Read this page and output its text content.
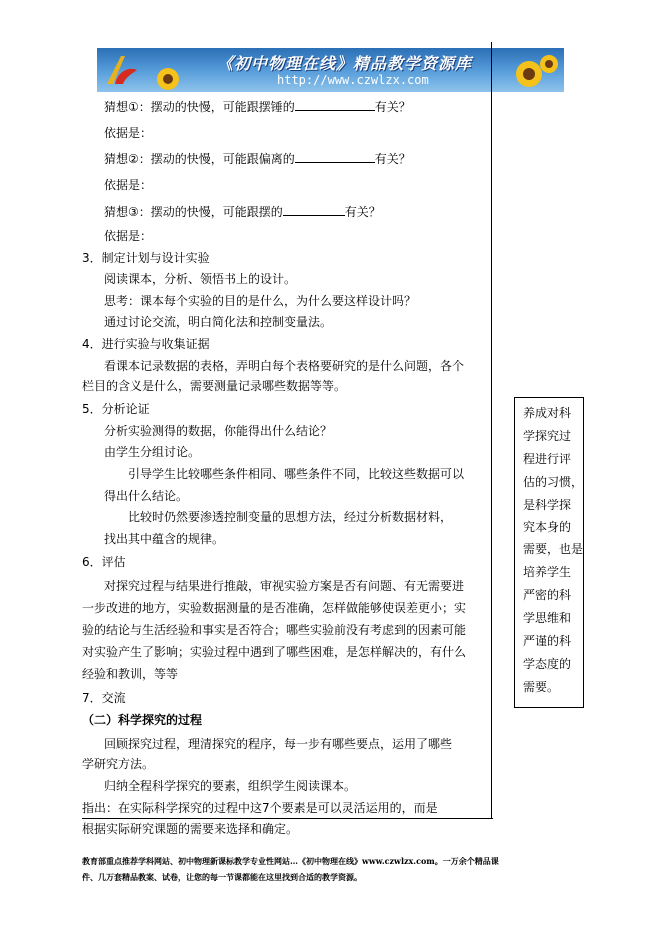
《初中物理在线》精品教学资源库
http://www.czwlzx.com
猜想①：摆动的快慢，可能跟摆锤的	有关？
依据是：
猜想②：摆动的快慢，可能跟偏离的	有关？
依据是：
猜想③：摆动的快慢，可能跟摆的	有关？
依据是：
3．制定计划与设计实验
阅读课本，分析、领悟书上的设计。
思考：课本每个实验的目的是什么，为什么要这样设计吗？
通过讨论交流，明白简化法和控制变量法。
4．进行实验与收集证据
看课本记录数据的表格，弄明白每个表格要研究的是什么问题，各个
栏目的含义是什么，需要测量记录哪些数据等等。
5．分析论证
分析实验测得的数据，你能得出什么结论？
由学生分组讨论。
引导学生比较哪些条件相同、哪些条件不同，比较这些数据可以
得出什么结论。
比较时仍然要渗透控制变量的思想方法，经过分析数据材料，
找出其中蕴含的规律。
6．评估
对探究过程与结果进行推敲，审视实验方案是否有问题、有无需要进
一步改进的地方，实验数据测量的是否准确，怎样做能够使误差更小；实
验的结论与生活经验和事实是否符合；哪些实验前没有考虑到的因素可能
对实验产生了影响；实验过程中遇到了哪些困难，是怎样解决的，有什么
经验和教训，等等
7．交流
（二）科学探究的过程
回顾探究过程，理清探究的程序，每一步有哪些要点，运用了哪些
学研究方法。
归纳全程科学探究的要素，组织学生阅读课本。
指出：在实际科学探究的过程中这7个要素是可以灵活运用的，而是
根据实际研究课题的需要来选择和确定。
养成对科
学探究过
程进行评
估的习惯，
是科学探
究本身的
需要，也是
培养学生
严密的科
学思维和
严谨的科
学态度的
需要。
教育部重点推荐学科网站、初中物理新课标教学专业性网站…《初中物理在线》www.czwlzx.com。一万余个精品课
件、几万套精品教案、试卷，让您的每一节课都能在这里找到合适的教学资源。
